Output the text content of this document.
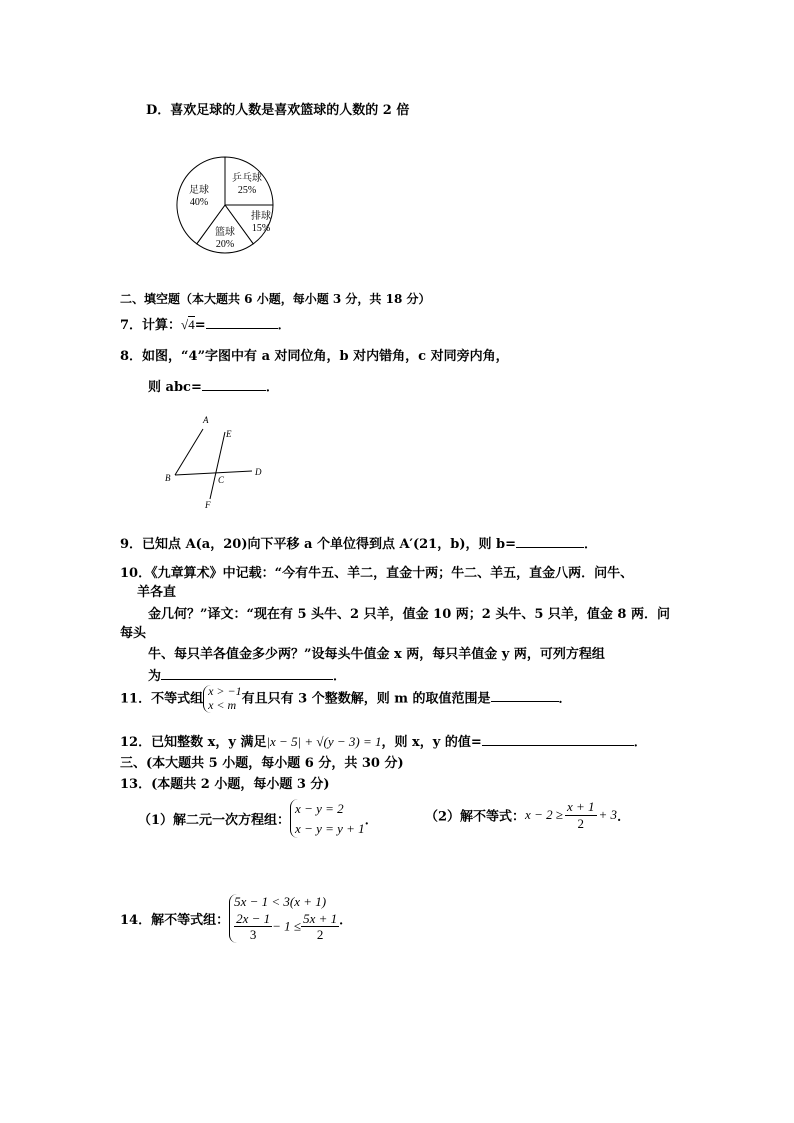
D．喜欢足球的人数是喜欢篮球的人数的 2 倍
乒乓球
25%
排球
15%
篮球
20%
足球
40%
二、填空题（本大题共 6 小题，每小题 3 分，共 18 分）
7．计算：√4=	．
8．如图，“4”字图中有 a 对同位角，b 对内错角，c 对同旁内角，
则 abc=	．
A
E
B	C
D
F
9．已知点 A(a，20)向下平移 a 个单位得到点 A′(21，b)，则 b=	．
10．《九章算术》中记载：“今有牛五、羊二，直金十两；牛二、羊五，直金八两．问牛、
羊各直
金几何？”译文：“现在有 5 头牛、2 只羊，值金 10 两；2 头牛、5 只羊，值金 8 两．问
每头
牛、每只羊各值金多少两？”设每头牛值金 x 两，每只羊值金 y 两，可列方程组
为	．
11．不等式组
x > −1
x < m 有且只有 3 个整数解，则 m 的取值范围是	．
12．已知整数 x，y 满足|x − 5| + √(y − 3) = 1，则 x，y 的值=	．
三、(本大题共 5 小题，每小题 6 分，共 30 分)
13．(本题共 2 小题，每小题 3 分)
（1）解二元一次方程组：
x − y = 2
x − y = y + 1 ．	（2）解不等式：$x - 2 \ge \frac{x + 1}{2} + 3$．
14．解不等式组：
5x − 1 < 3(x + 1)
$\frac{2x - 1}{3} - 1 \le \frac{5x + 1}{2}$ ．
